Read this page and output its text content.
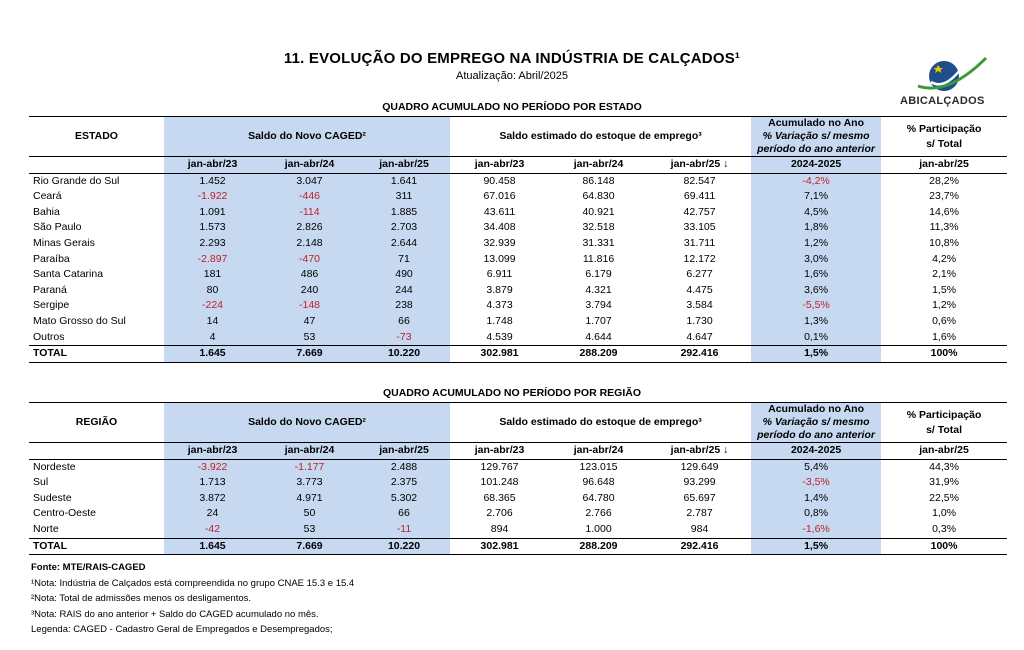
11. EVOLUÇÃO DO EMPREGO NA INDÚSTRIA DE CALÇADOS¹
Atualização: Abril/2025
ABICALÇADOS
QUADRO ACUMULADO NO PERÍODO POR ESTADO
ESTADO	Saldo do Novo CAGED²			Saldo estimado do estoque de emprego³			Acumulado no Ano	% Participação
s/ Total
							% Variação s/ mesmo	
							período do ano anterior	
	jan-abr/23	jan-abr/24	jan-abr/25	jan-abr/23	jan-abr/24	jan-abr/25 ↓	2024-2025	jan-abr/25
Rio Grande do Sul	1.452	3.047	1.641	90.458	86.148	82.547	-4,2%	28,2%
Ceará	-1.922	-446	311	67.016	64.830	69.411	7,1%	23,7%
Bahia	1.091	-114	1.885	43.611	40.921	42.757	4,5%	14,6%
São Paulo	1.573	2.826	2.703	34.408	32.518	33.105	1,8%	11,3%
Minas Gerais	2.293	2.148	2.644	32.939	31.331	31.711	1,2%	10,8%
Paraíba	-2.897	-470	71	13.099	11.816	12.172	3,0%	4,2%
Santa Catarina	181	486	490	6.911	6.179	6.277	1,6%	2,1%
Paraná	80	240	244	3.879	4.321	4.475	3,6%	1,5%
Sergipe	-224	-148	238	4.373	3.794	3.584	-5,5%	1,2%
Mato Grosso do Sul	14	47	66	1.748	1.707	1.730	1,3%	0,6%
Outros	4	53	-73	4.539	4.644	4.647	0,1%	1,6%
TOTAL	1.645	7.669	10.220	302.981	288.209	292.416	1,5%	100%
QUADRO ACUMULADO NO PERÍODO POR REGIÃO
REGIÃO	Saldo do Novo CAGED²			Saldo estimado do estoque de emprego³			Acumulado no Ano	% Participação
s/ Total
							% Variação s/ mesmo	
							período do ano anterior	
	jan-abr/23	jan-abr/24	jan-abr/25	jan-abr/23	jan-abr/24	jan-abr/25 ↓	2024-2025	jan-abr/25
Nordeste	-3.922	-1.177	2.488	129.767	123.015	129.649	5,4%	44,3%
Sul	1.713	3.773	2.375	101.248	96.648	93.299	-3,5%	31,9%
Sudeste	3.872	4.971	5.302	68.365	64.780	65.697	1,4%	22,5%
Centro-Oeste	24	50	66	2.706	2.766	2.787	0,8%	1,0%
Norte	-42	53	-11	894	1.000	984	-1,6%	0,3%
TOTAL	1.645	7.669	10.220	302.981	288.209	292.416	1,5%	100%
Fonte: MTE/RAIS-CAGED
¹Nota: Indústria de Calçados está compreendida no grupo CNAE 15.3 e 15.4
²Nota: Total de admissões menos os desligamentos.
³Nota: RAIS do ano anterior + Saldo do CAGED acumulado no mês.
Legenda: CAGED - Cadastro Geral de Empregados e Desempregados;
